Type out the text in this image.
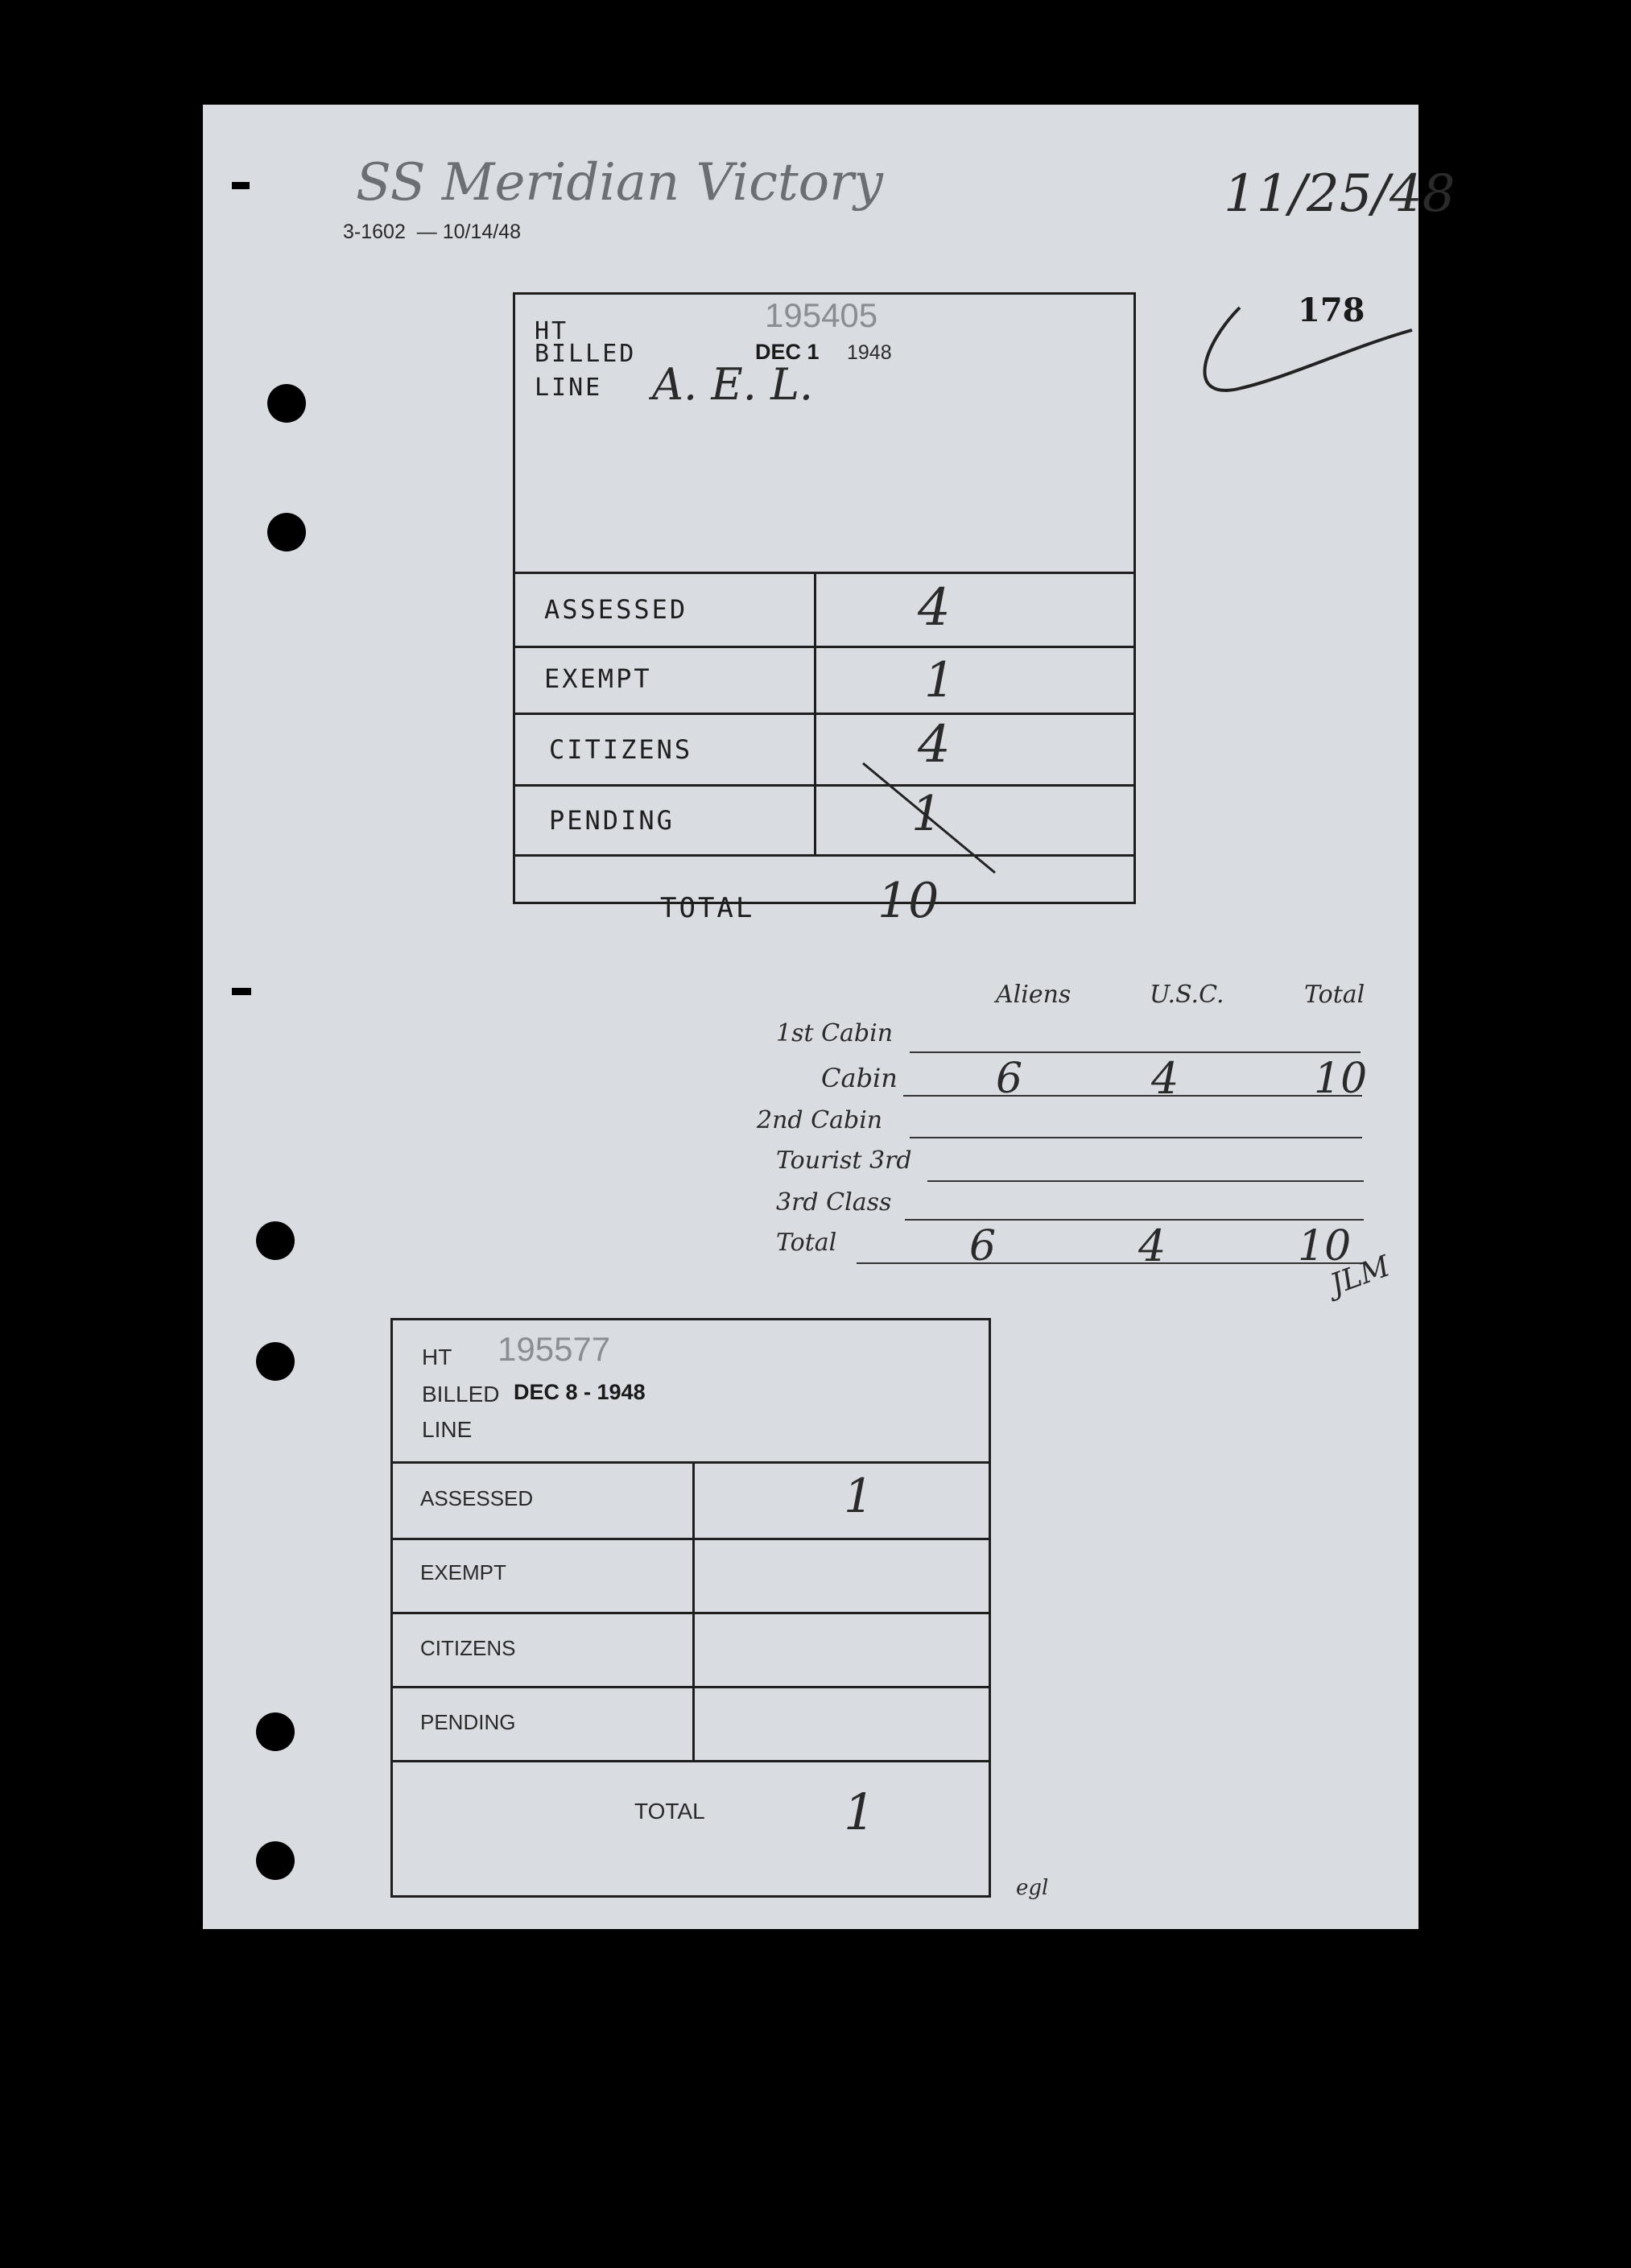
SS Meridian Victory
3-1602  — 10/14/48
11/25/48
178
HT	195405
BILLED	DEC 1 1948
LINE A. E. L.
ASSESSED	4
EXEMPT	1
CITIZENS	4
PENDING	1
TOTAL	10
Aliens	U.S.C.	Total
1st Cabin
Cabin 6	4	10
2nd Cabin
Tourist 3rd
3rd Class
Total	6	4	10
JLM
HT 195577
BILLED DEC 8 - 1948
LINE
ASSESSED	1
EXEMPT
CITIZENS
PENDING
TOTAL	1
egl
